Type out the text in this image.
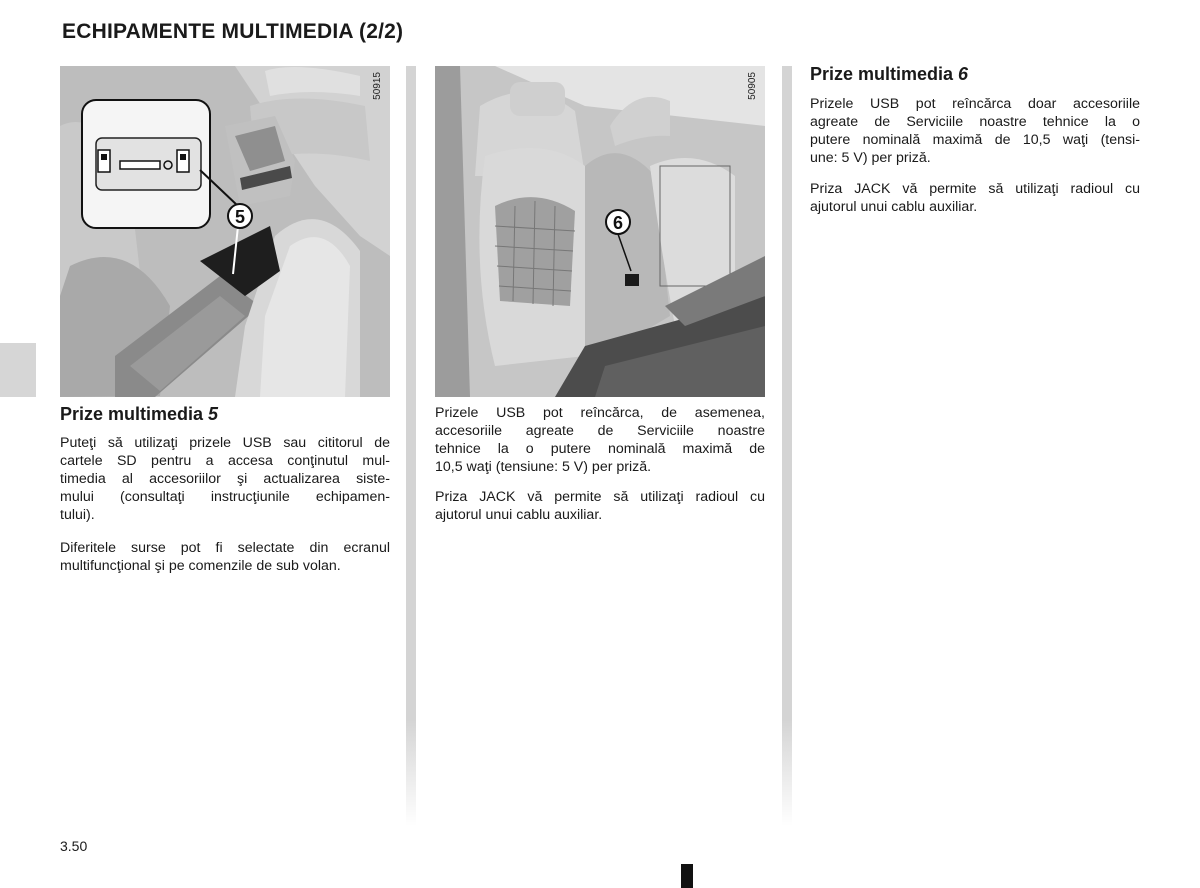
ECHIPAMENTE MULTIMEDIA (2/2)
5
50915
6
50905
Prize multimedia 5
Puteţi să utilizaţi prizele USB sau cititorul de
cartele SD pentru a accesa conţinutul mul-
timedia al accesoriilor şi actualizarea siste-
mului (consultaţi instrucţiunile echipamen-
tului).
Diferitele surse pot fi selectate din ecranul
multifuncţional şi pe comenzile de sub volan.
Prizele USB pot reîncărca, de asemenea,
accesoriile agreate de Serviciile noastre
tehnice la o putere nominală maximă de
10,5 waţi (tensiune: 5 V) per priză.
Priza JACK vă permite să utilizaţi radioul cu
ajutorul unui cablu auxiliar.
Prize multimedia 6
Prizele USB pot reîncărca doar accesoriile
agreate de Serviciile noastre tehnice la o
putere nominală maximă de 10,5 waţi (tensi-
une: 5 V) per priză.
Priza JACK vă permite să utilizaţi radioul cu
ajutorul unui cablu auxiliar.
3.50
